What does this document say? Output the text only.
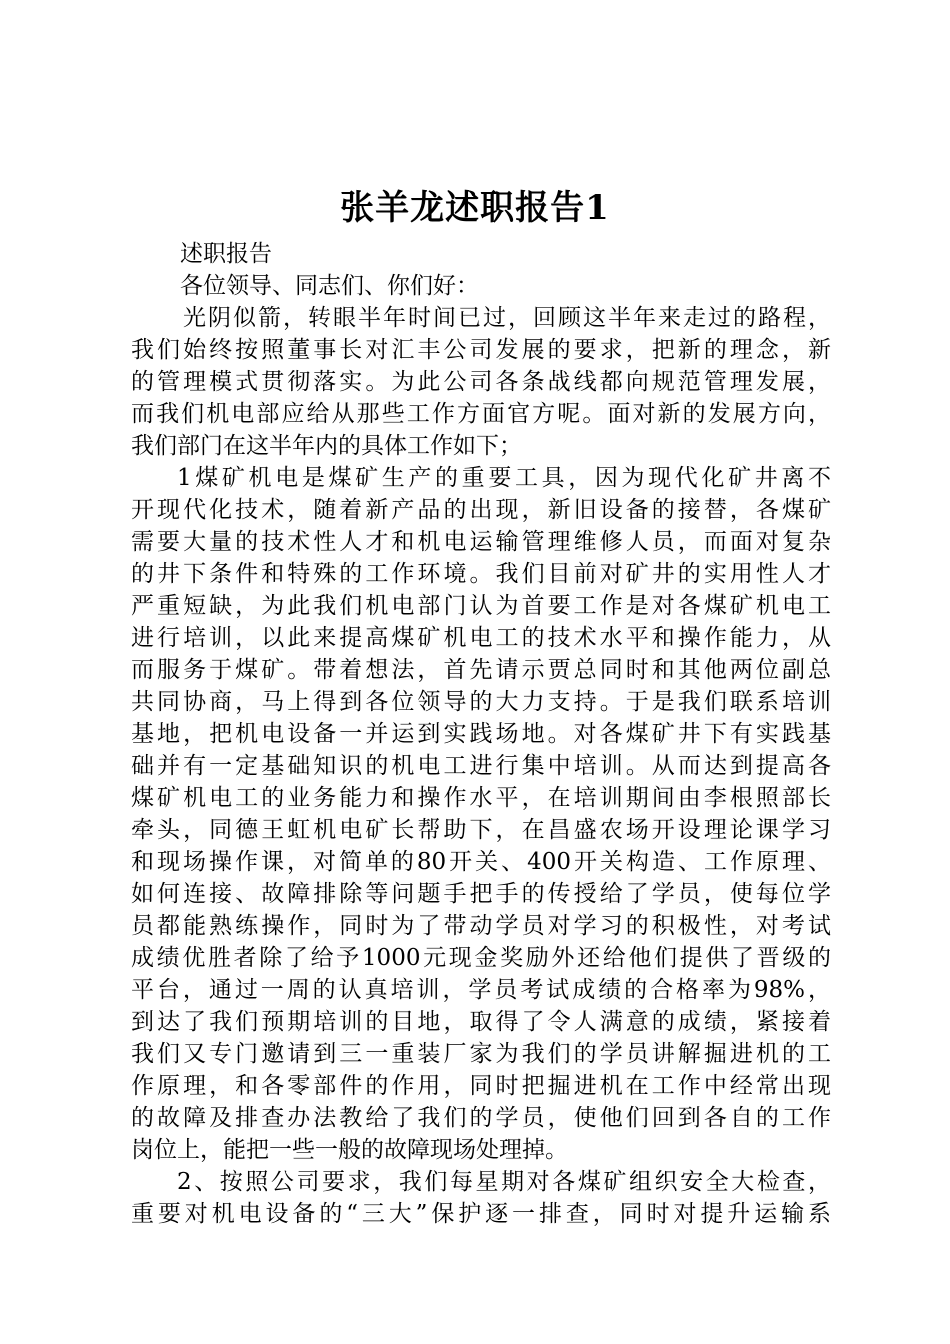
张羊龙述职报告1
述职报告
各位领导、同志们、你们好：
光阴似箭，转眼半年时间已过，回顾这半年来走过的路程，
我们始终按照董事长对汇丰公司发展的要求，把新的理念，新
的管理模式贯彻落实。为此公司各条战线都向规范管理发展，
而我们机电部应给从那些工作方面官方呢。面对新的发展方向，
我们部门在这半年内的具体工作如下；
1煤矿机电是煤矿生产的重要工具，因为现代化矿井离不
开现代化技术，随着新产品的出现，新旧设备的接替，各煤矿
需要大量的技术性人才和机电运输管理维修人员，而面对复杂
的井下条件和特殊的工作环境。我们目前对矿井的实用性人才
严重短缺，为此我们机电部门认为首要工作是对各煤矿机电工
进行培训，以此来提高煤矿机电工的技术水平和操作能力，从
而服务于煤矿。带着想法，首先请示贾总同时和其他两位副总
共同协商，马上得到各位领导的大力支持。于是我们联系培训
基地，把机电设备一并运到实践场地。对各煤矿井下有实践基
础并有一定基础知识的机电工进行集中培训。从而达到提高各
煤矿机电工的业务能力和操作水平，在培训期间由李根照部长
牵头，同德王虹机电矿长帮助下，在昌盛农场开设理论课学习
和现场操作课，对简单的80开关、400开关构造、工作原理、
如何连接、故障排除等问题手把手的传授给了学员，使每位学
员都能熟练操作，同时为了带动学员对学习的积极性，对考试
成绩优胜者除了给予1000元现金奖励外还给他们提供了晋级的
平台，通过一周的认真培训，学员考试成绩的合格率为98%，
到达了我们预期培训的目地，取得了令人满意的成绩，紧接着
我们又专门邀请到三一重装厂家为我们的学员讲解掘进机的工
作原理，和各零部件的作用，同时把掘进机在工作中经常出现
的故障及排查办法教给了我们的学员，使他们回到各自的工作
岗位上，能把一些一般的故障现场处理掉。
2、按照公司要求，我们每星期对各煤矿组织安全大检查，
重要对机电设备的“三大”保护逐一排查，同时对提升运输系
